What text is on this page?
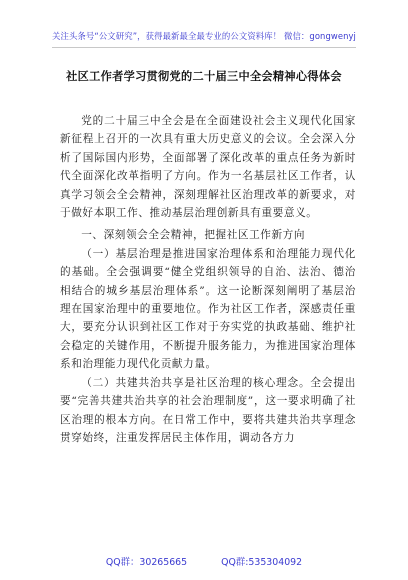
关注头条号“公文研究”，获得最新最全最专业的公文资料库！ 微信：gongwenyj
社区工作者学习贯彻党的二十届三中全会精神心得体会

党的二十届三中全会是在全面建设社会主义现代化国家新征程上召开的一次具有重大历史意义的会议。全会深入分析了国际国内形势，全面部署了深化改革的重点任务为新时代全面深化改革指明了方向。作为一名基层社区工作者，认真学习领会全会精神，深刻理解社区治理改革的新要求，对于做好本职工作、推动基层治理创新具有重要意义。

一、深刻领会全会精神，把握社区工作新方向

（一）基层治理是推进国家治理体系和治理能力现代化的基础。全会强调要“健全党组织领导的自治、法治、德治相结合的城乡基层治理体系”。这一论断深刻阐明了基层治理在国家治理中的重要地位。作为社区工作者，深感责任重大，要充分认识到社区工作对于夯实党的执政基础、维护社会稳定的关键作用，不断提升服务能力，为推进国家治理体系和治理能力现代化贡献力量。

（二）共建共治共享是社区治理的核心理念。全会提出要“完善共建共治共享的社会治理制度”，这一要求明确了社区治理的根本方向。在日常工作中，要将共建共治共享理念贯穿始终，注重发挥居民主体作用，调动各方力

QQ群：30265665	QQ群:535304092
